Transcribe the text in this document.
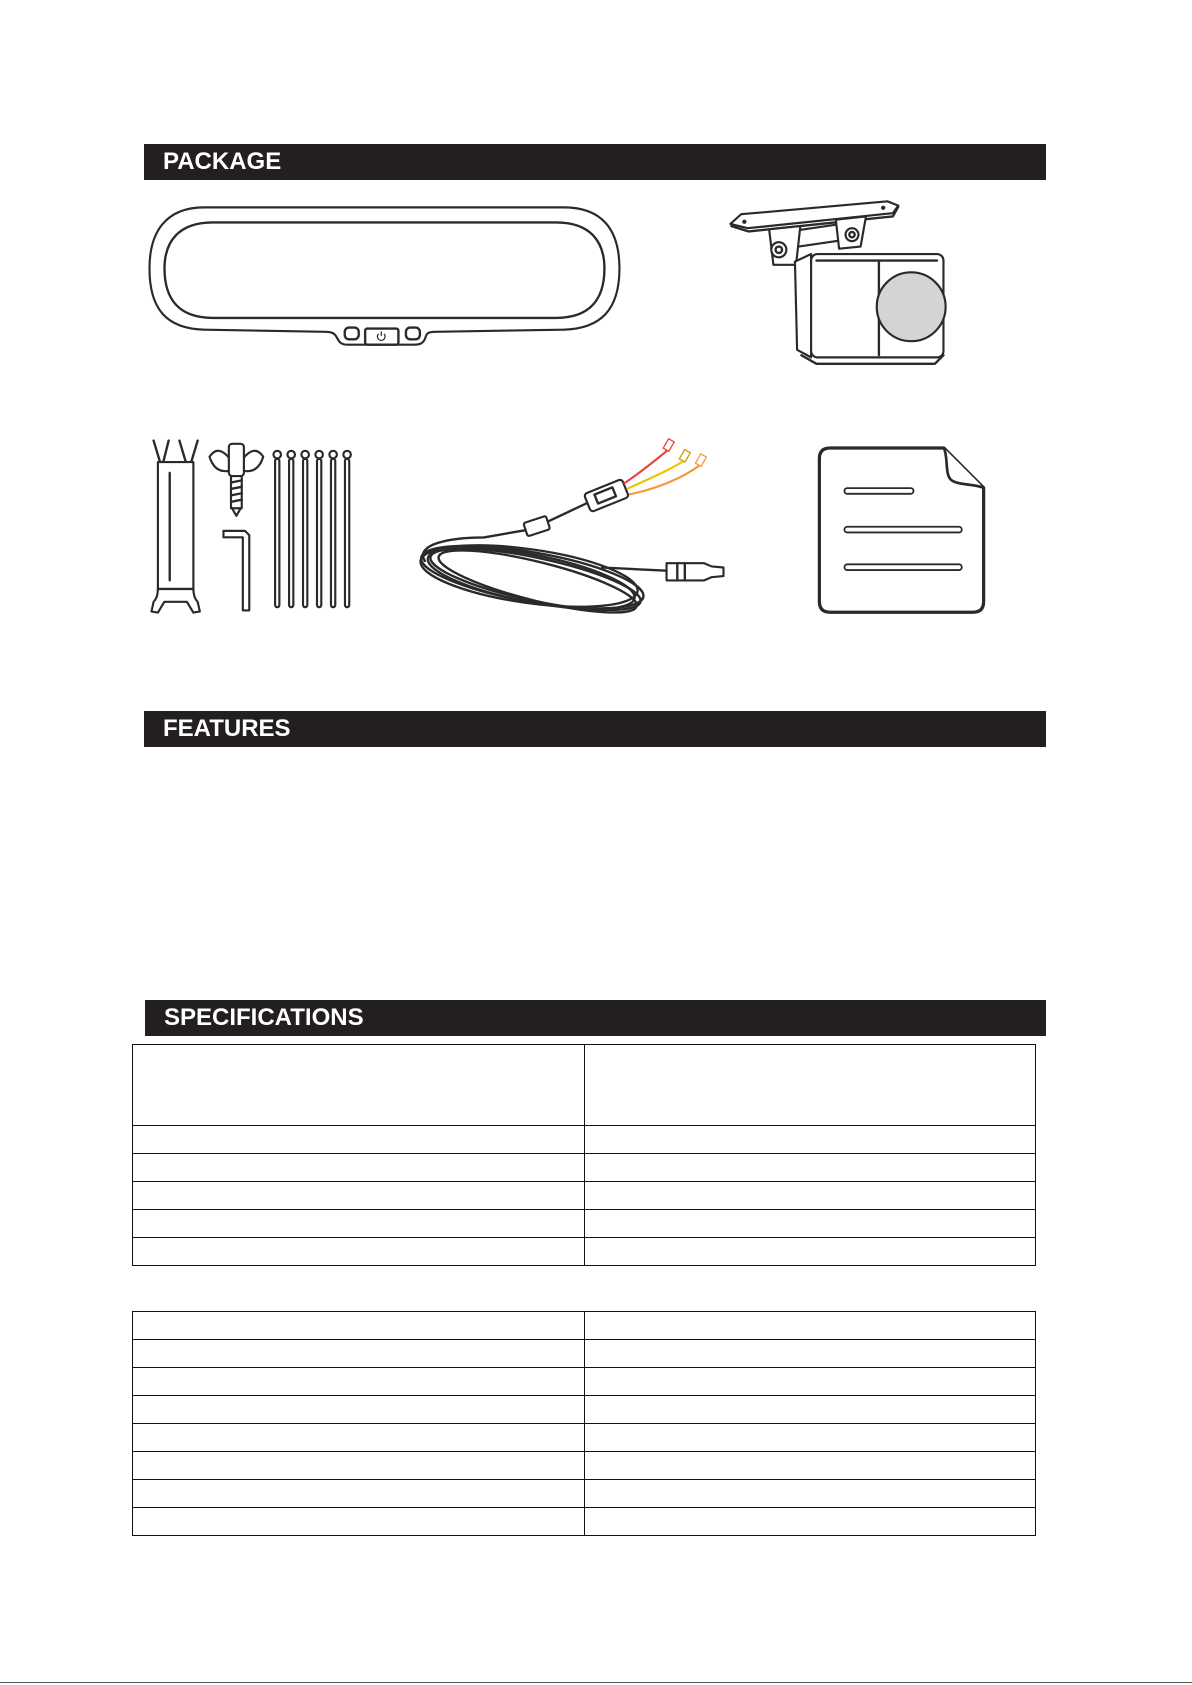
PACKAGE
FEATURES
SPECIFICATIONS
